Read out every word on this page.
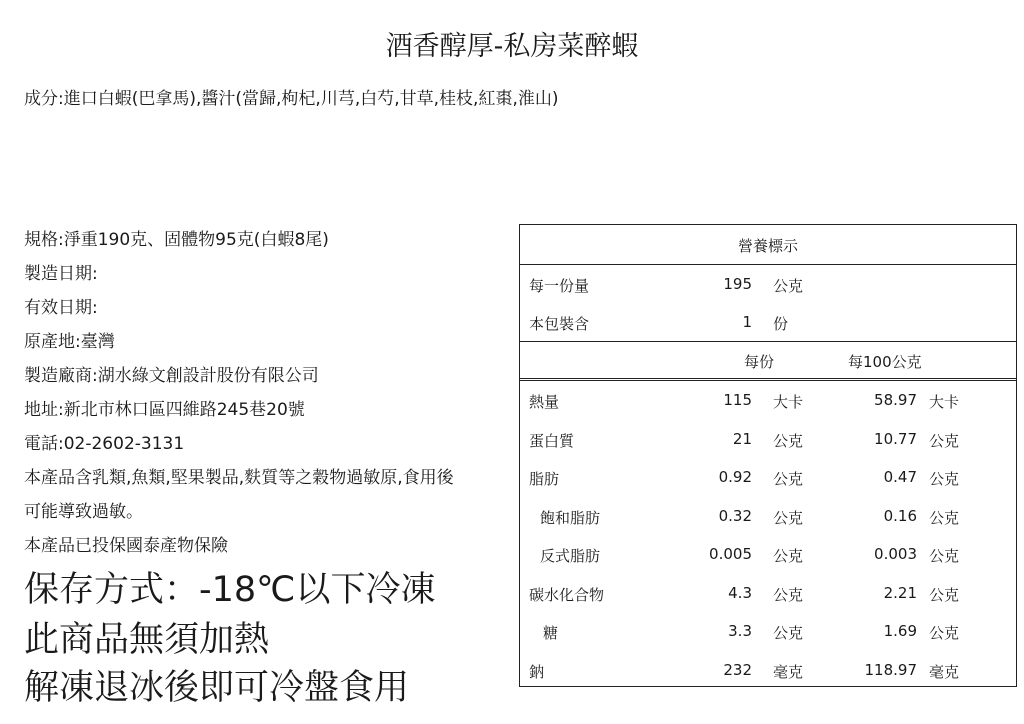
酒香醇厚-私房菜醉蝦
成分:進口白蝦(巴拿馬),醬汁(當歸,枸杞,川芎,白芍,甘草,桂枝,紅棗,淮山)
規格:淨重190克、固體物95克(白蝦8尾)
製造日期:
有效日期:
原產地:臺灣
製造廠商:湖水綠文創設計股份有限公司
地址:新北市林口區四維路245巷20號
電話:02-2602-3131
本產品含乳類,魚類,堅果製品,麩質等之穀物過敏原,食用後
可能導致過敏。
本產品已投保國泰產物保險
保存方式：-18℃以下冷凍
此商品無須加熱
解凍退冰後即可冷盤食用
營養標示
每一份量	195 公克
本包裝含	1 份
每份	每100公克
熱量	115 大卡	58.97 大卡
蛋白質	21 公克	10.77 公克
脂肪	0.92 公克	0.47 公克
飽和脂肪	0.32 公克	0.16 公克
反式脂肪	0.005 公克	0.003 公克
碳水化合物	4.3 公克	2.21 公克
糖	3.3 公克	1.69 公克
鈉	232 毫克	118.97 毫克
